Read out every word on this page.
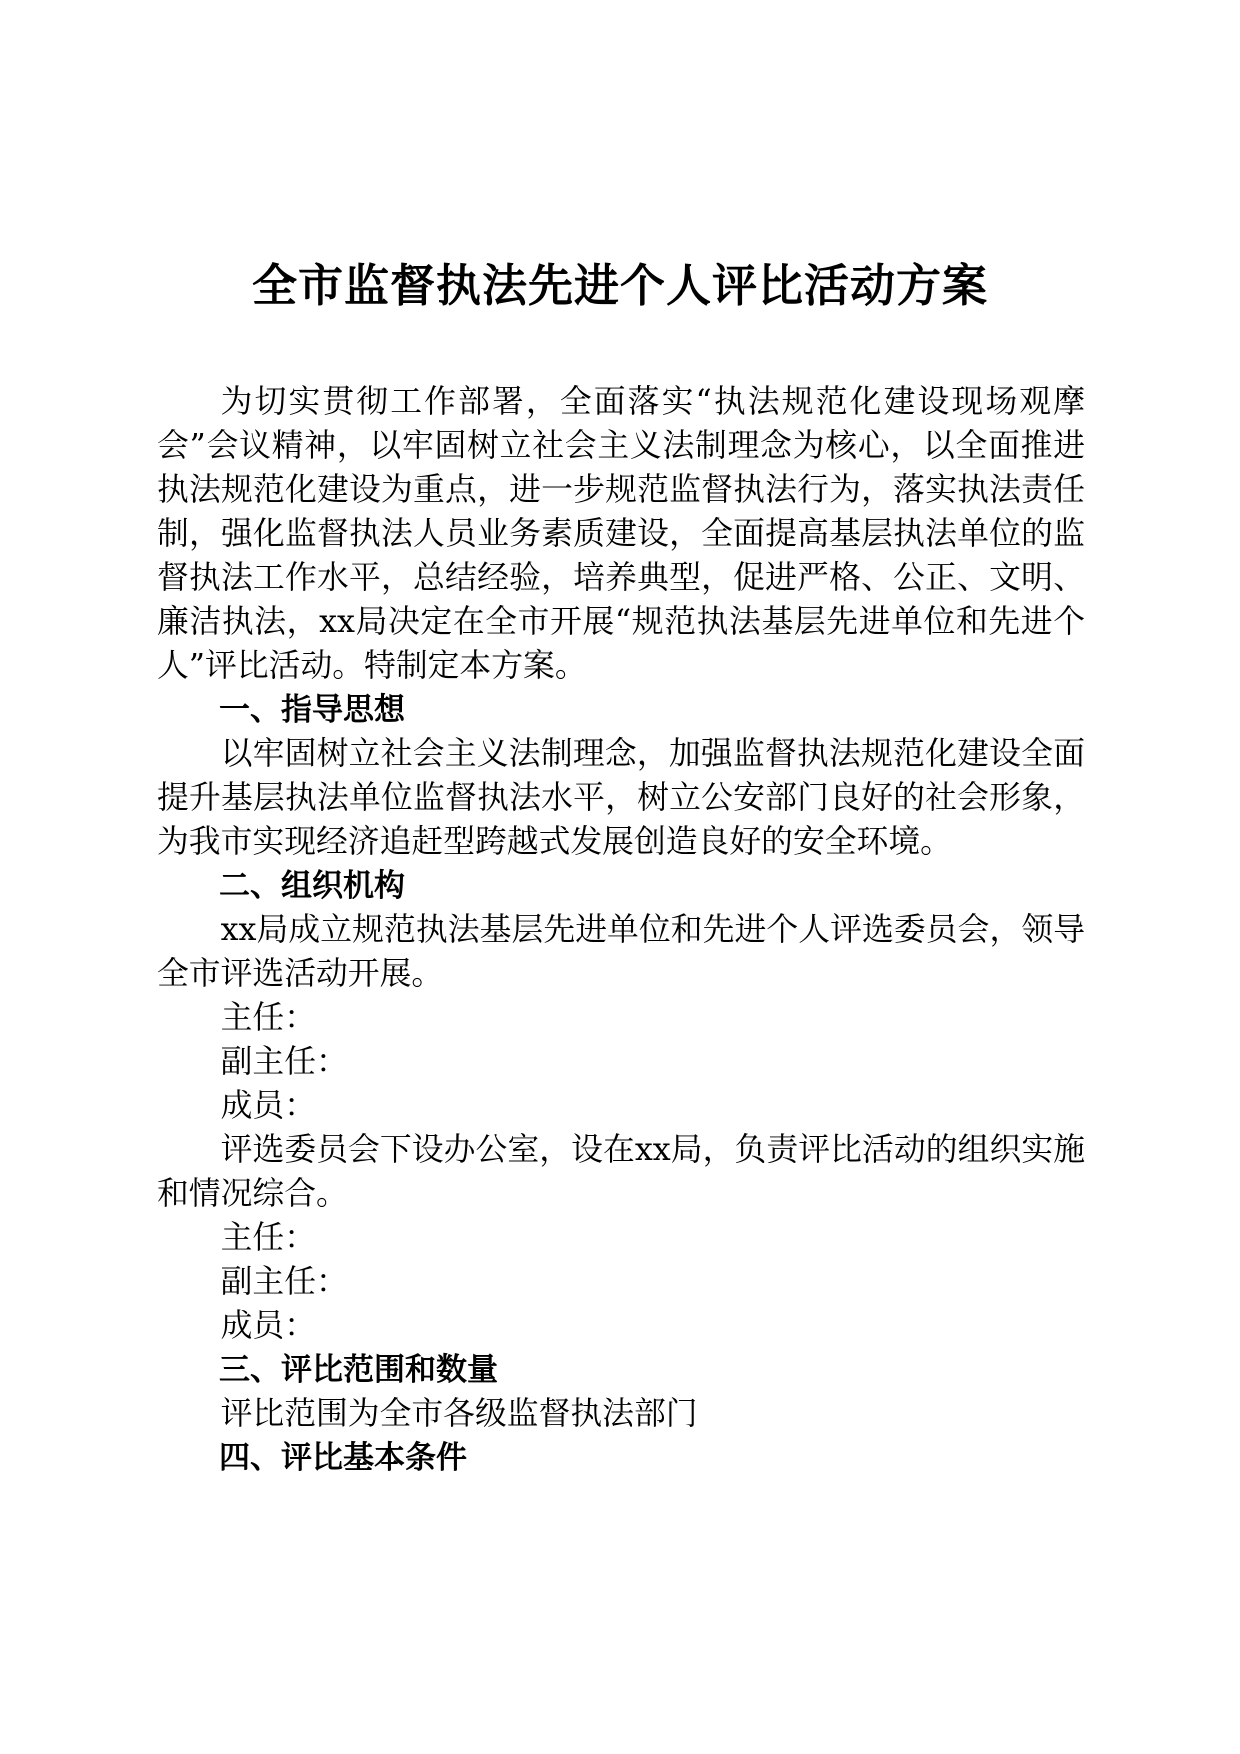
全市监督执法先进个人评比活动方案

为切实贯彻工作部署，全面落实“执法规范化建设现场观摩会”会议精神，以牢固树立社会主义法制理念为核心，以全面推进执法规范化建设为重点，进一步规范监督执法行为，落实执法责任制，强化监督执法人员业务素质建设，全面提高基层执法单位的监督执法工作水平，总结经验，培养典型，促进严格、公正、文明、廉洁执法，xx局决定在全市开展“规范执法基层先进单位和先进个人”评比活动。特制定本方案。

一、指导思想

以牢固树立社会主义法制理念，加强监督执法规范化建设全面提升基层执法单位监督执法水平，树立公安部门良好的社会形象，为我市实现经济追赶型跨越式发展创造良好的安全环境。

二、组织机构

xx局成立规范执法基层先进单位和先进个人评选委员会，领导全市评选活动开展。

主任：

副主任：

成员：

评选委员会下设办公室，设在xx局，负责评比活动的组织实施和情况综合。

主任：

副主任：

成员：

三、评比范围和数量

评比范围为全市各级监督执法部门

四、评比基本条件
